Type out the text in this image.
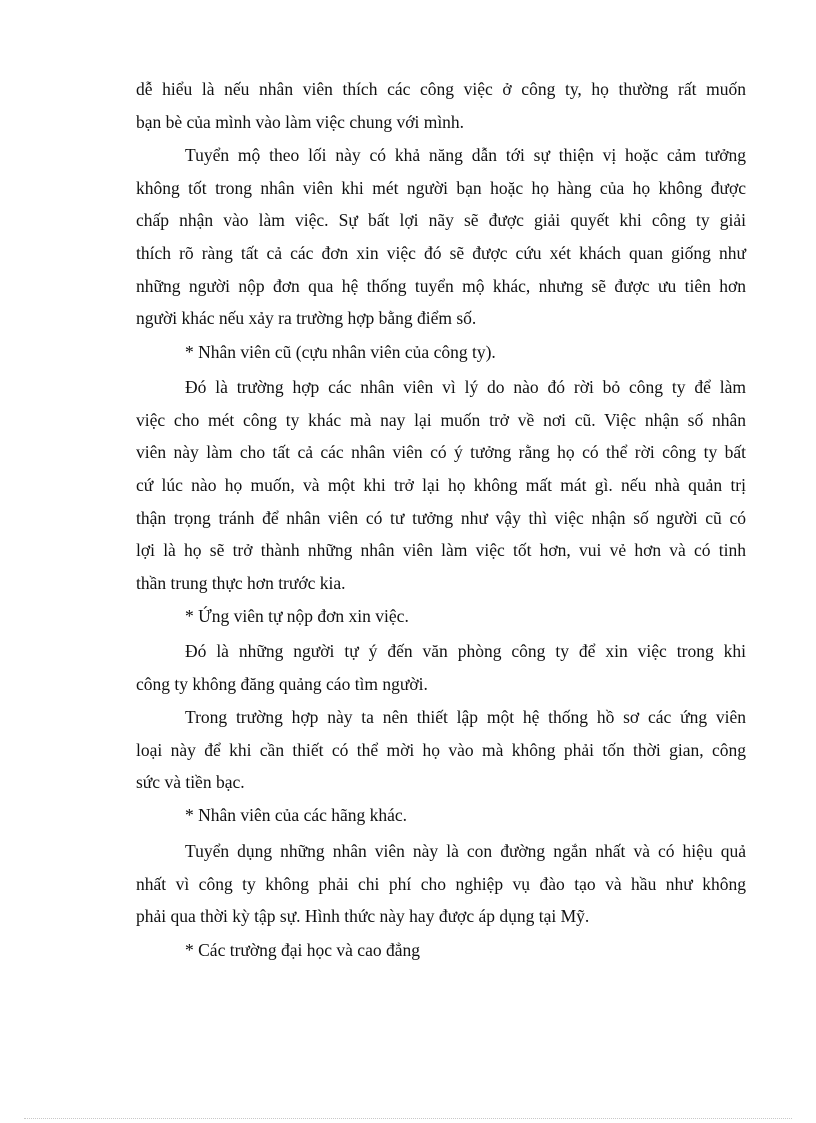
dễ hiểu là nếu nhân viên thích các công việc ở công ty, họ thường rất muốn
bạn bè của mình vào làm việc chung với mình.
Tuyển mộ theo lối này có khả năng dẫn tới sự thiện vị hoặc cảm tưởng
không tốt trong nhân viên khi mét người bạn hoặc họ hàng của họ không được
chấp nhận vào làm việc. Sự bất lợi nãy sẽ được giải quyết khi công ty giải
thích rõ ràng tất cả các đơn xin việc đó sẽ được cứu xét khách quan giống như
những người nộp đơn qua hệ thống tuyển mộ khác, nhưng sẽ được ưu tiên hơn
người khác nếu xảy ra trường hợp bằng điểm số.
* Nhân viên cũ (cựu nhân viên của công ty).
Đó là trường hợp các nhân viên vì lý do nào đó rời bỏ công ty để làm
việc cho mét công ty khác mà nay lại muốn trở về nơi cũ. Việc nhận số nhân
viên này làm cho tất cả các nhân viên có ý tưởng rằng họ có thể rời công ty bất
cứ lúc nào họ muốn, và một khi trở lại họ không mất mát gì. nếu nhà quản trị
thận trọng tránh để nhân viên có tư tưởng như vậy thì việc nhận số người cũ có
lợi là họ sẽ trở thành những nhân viên làm việc tốt hơn, vui vẻ hơn và có tinh
thần trung thực hơn trước kia.
* Ứng viên tự nộp đơn xin việc.
Đó là những người tự ý đến văn phòng công ty để xin việc trong khi
công ty không đăng quảng cáo tìm người.
Trong trường hợp này ta nên thiết lập một hệ thống hồ sơ các ứng viên
loại này để khi cần thiết có thể mời họ vào mà không phải tốn thời gian, công
sức và tiền bạc.
* Nhân viên của các hãng khác.
Tuyển dụng những nhân viên này là con đường ngắn nhất và có hiệu quả
nhất vì công ty không phải chi phí cho nghiệp vụ đào tạo và hầu như không
phải qua thời kỳ tập sự. Hình thức này hay được áp dụng tại Mỹ.
* Các trường đại học và cao đẳng
